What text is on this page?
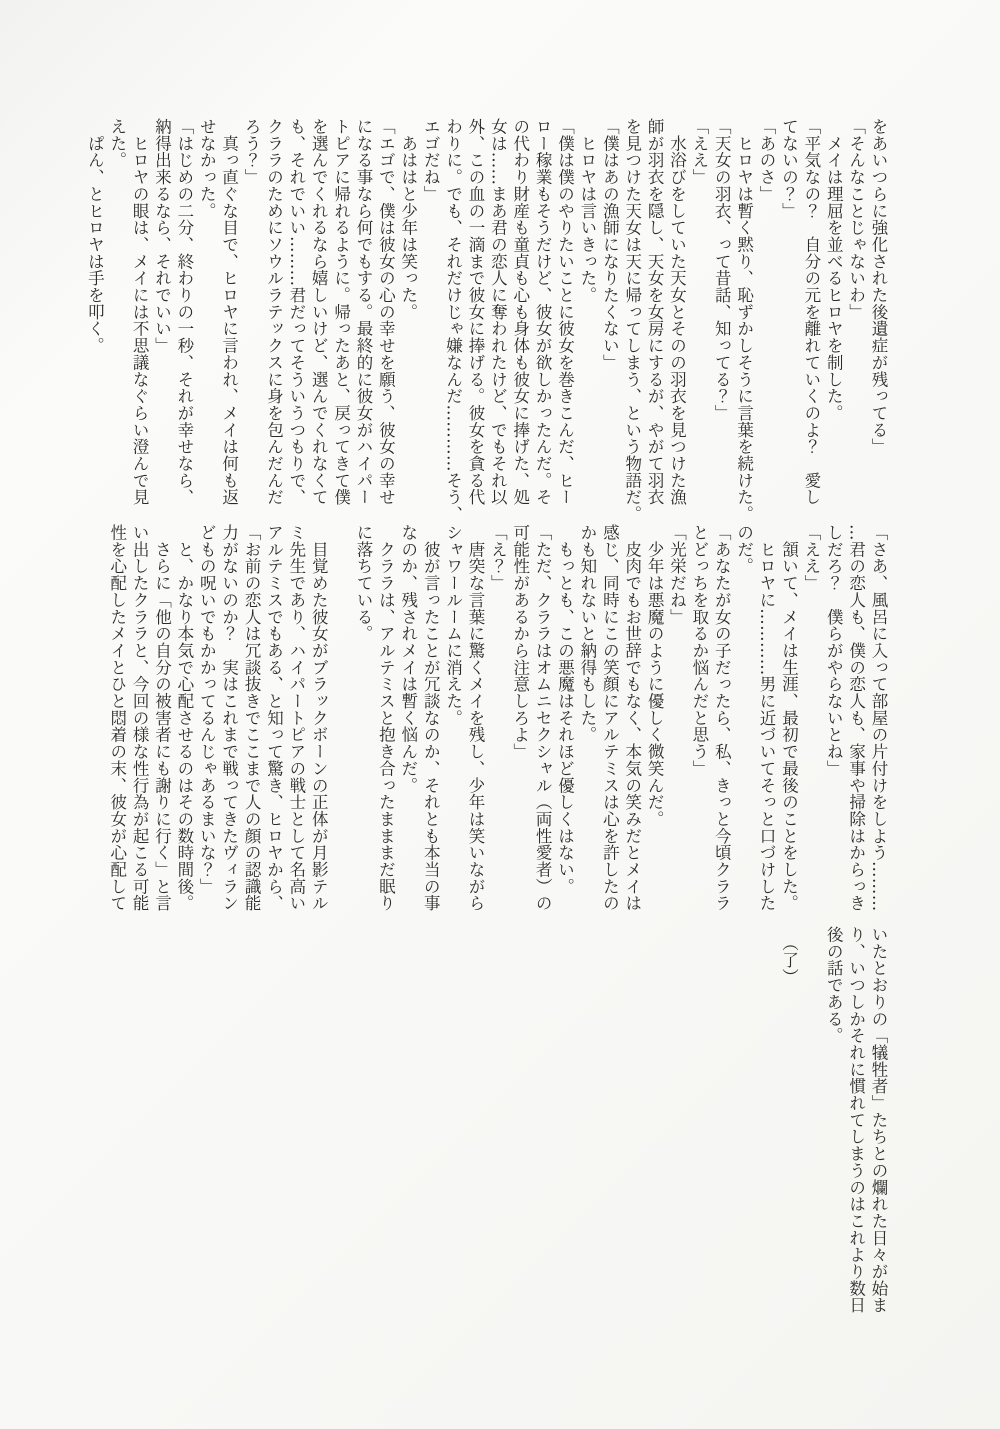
をあいつらに強化された後遺症が残ってる」
「そんなことじゃないわ」
　メイは理屈を並べるヒロヤを制した。
「平気なの？　自分の元を離れていくのよ？　愛し
てないの？」
「あのさ」
　ヒロヤは暫く黙り、恥ずかしそうに言葉を続けた。
「天女の羽衣、って昔話、知ってる？」
「ええ」
　水浴びをしていた天女とそのの羽衣を見つけた漁
師が羽衣を隠し、天女を女房にするが、やがて羽衣
を見つけた天女は天に帰ってしまう、という物語だ。
「僕はあの漁師になりたくない」
　ヒロヤは言いきった。
「僕は僕のやりたいことに彼女を巻きこんだ、ヒー
ロー稼業もそうだけど、彼女が欲しかったんだ。そ
の代わり財産も童貞も心も身体も彼女に捧げた、処
女は……まあ君の恋人に奪われたけど、でもそれ以
外、この血の一滴まで彼女に捧げる。彼女を貪る代
わりに。でも、それだけじゃ嫌なんだ…………そう、
エゴだね」
　あははと少年は笑った。
「エゴで、僕は彼女の心の幸せを願う、彼女の幸せ
になる事なら何でもする。最終的に彼女がハイパー
トピアに帰れるように。帰ったあと、戻ってきて僕
を選んでくれるなら嬉しいけど、選んでくれなくて
も、それでいい………君だってそういうつもりで、
クララのためにソウルラテックスに身を包んだんだ
ろう？」
　真っ直ぐな目で、ヒロヤに言われ、メイは何も返
せなかった。
「はじめの二分、終わりの一秒、それが幸せなら、
納得出来るなら、それでいい」
　ヒロヤの眼は、メイには不思議なぐらい澄んで見
えた。
　ぱん、とヒロヤは手を叩く。
「さあ、風呂に入って部屋の片付けをしよう………
…君の恋人も、僕の恋人も、家事や掃除はからっき
しだろ？　僕らがやらないとね」
「ええ」
　頷いて、メイは生涯、最初で最後のことをした。
　ヒロヤに…………男に近づいてそっと口づけした
のだ。
「あなたが女の子だったら、私、きっと今頃クララ
とどっちを取るか悩んだと思う」
「光栄だね」
　少年は悪魔のように優しく微笑んだ。
　皮肉でもお世辞でもなく、本気の笑みだとメイは
感じ、同時にこの笑顔にアルテミスは心を許したの
かも知れないと納得もした。
　もっとも、この悪魔はそれほど優しくはない。
「ただ、クララはオムニセクシャル（両性愛者）の
可能性があるから注意しろよ」
「え？」
　唐突な言葉に驚くメイを残し、少年は笑いながら
シャワールームに消えた。
　彼が言ったことが冗談なのか、それとも本当の事
なのか、残されメイは暫く悩んだ。
　クララは、アルテミスと抱き合ったまままだ眠り
に落ちている。
　目覚めた彼女がブラックボーンの正体が月影テル
ミ先生であり、ハイパートピアの戦士として名高い
アルテミスでもある、と知って驚き、ヒロヤから、
「お前の恋人は冗談抜きでここまで人の顔の認識能
力がないのか？　実はこれまで戦ってきたヴィラン
どもの呪いでもかかってるんじゃあるまいな？」
　と、かなり本気で心配させるのはその数時間後。
　さらに「他の自分の被害者にも謝りに行く」と言
い出したクララと、今回の様な性行為が起こる可能
性を心配したメイとひと悶着の末、彼女が心配して
いたとおりの「犠牲者」たちとの爛れた日々が始ま
り、いつしかそれに慣れてしまうのはこれより数日
後の話である。
　（了）
